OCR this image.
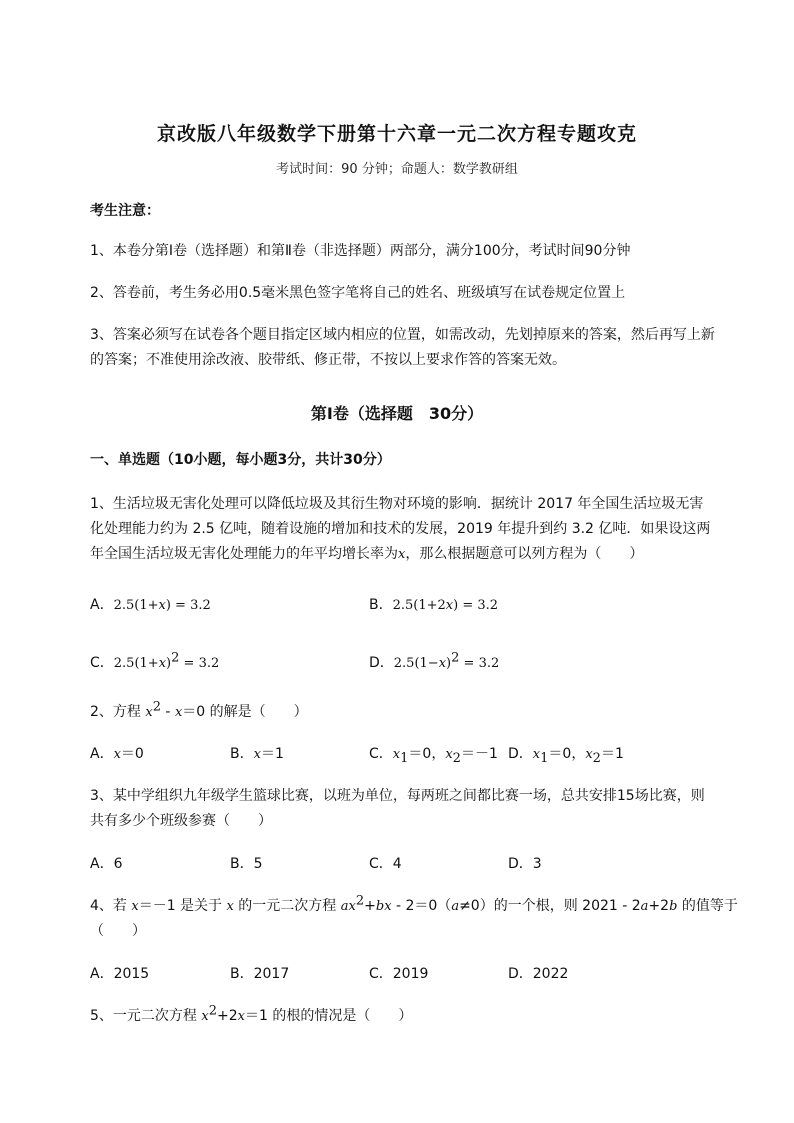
京改版八年级数学下册第十六章一元二次方程专题攻克
考试时间：90 分钟；命题人：数学教研组
考生注意：
1、本卷分第I卷（选择题）和第Ⅱ卷（非选择题）两部分，满分100分，考试时间90分钟
2、答卷前，考生务必用0.5毫米黑色签字笔将自己的姓名、班级填写在试卷规定位置上
3、答案必须写在试卷各个题目指定区域内相应的位置，如需改动，先划掉原来的答案，然后再写上新
的答案；不准使用涂改液、胶带纸、修正带，不按以上要求作答的答案无效。
第I卷（选择题　30分）
一、单选题（10小题，每小题3分，共计30分）
1、生活垃圾无害化处理可以降低垃圾及其衍生物对环境的影响．据统计 2017 年全国生活垃圾无害
化处理能力约为 2.5 亿吨，随着设施的增加和技术的发展，2019 年提升到约 3.2 亿吨．如果设这两
年全国生活垃圾无害化处理能力的年平均增长率为x，那么根据题意可以列方程为（　　）
A．2.5(1+x) = 3.2	B．2.5(1+2x) = 3.2
C．$2.5(1+x)^2 = 3.2$	D．$2.5(1-x)^2 = 3.2$
2、方程 $x^2 - x=0$ 的解是（　　）
A．x＝0	B．x＝1	C．$x_1=0$，$x_2=-1$ D．$x_1=0$，$x_2=1$
3、某中学组织九年级学生篮球比赛，以班为单位，每两班之间都比赛一场，总共安排15场比赛，则
共有多少个班级参赛（　　）
A．6	B．5	C．4	D．3
4、若 x＝－1 是关于 x 的一元二次方程 $ax^2+bx - 2=0(a\ne 0)$的一个根，则 2021 - 2a+2b 的值等于
（　　）
A．2015	B．2017	C．2019	D．2022
5、一元二次方程 $x^2+2x=1$ 的根的情况是（　　）
